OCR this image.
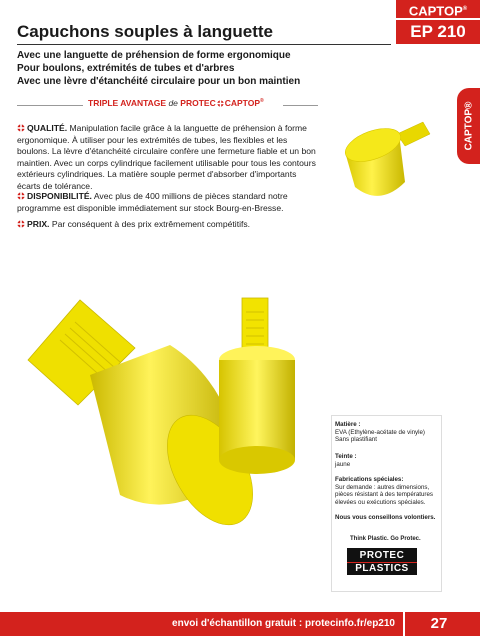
CAPTOP®
EP 210
CAPTOP®
Capuchons souples à languette
Avec une languette de préhension de forme ergonomique
Pour boulons, extrémités de tubes et d'arbres
Avec une lèvre d'étanchéité circulaire pour un bon maintien
TRIPLE AVANTAGE de PROTEC CAPTOP®
QUALITÉ. Manipulation facile grâce à la languette de préhension à forme ergonomique. À utiliser pour les extrémités de tubes, les flexibles et les boulons. La lèvre d'étanchéité circulaire confère une fermeture fiable et un bon maintien. Avec un corps cylindrique facilement utilisable pour tous les contours extérieurs cylindriques. La matière souple permet d'absorber d'importants écarts de tolérance.
DISPONIBILITÉ. Avec plus de 400 millions de pièces standard notre programme est disponible immédiatement sur stock Bourg-en-Bresse.
PRIX. Par conséquent à des prix extrêmement compétitifs.
Matière :
EVA (Ethylène-acétate de vinyle)
Sans plastifiant
Teinte :
jaune
Fabrications spéciales:
Sur demande : autres dimensions, pièces résistant à des températures élevées ou exécutions spéciales.
Nous vous conseillons volontiers.
Think Plastic. Go Protec.
PROTEC
PLASTICS
envoi d'échantillon gratuit : protecinfo.fr/ep210	27
